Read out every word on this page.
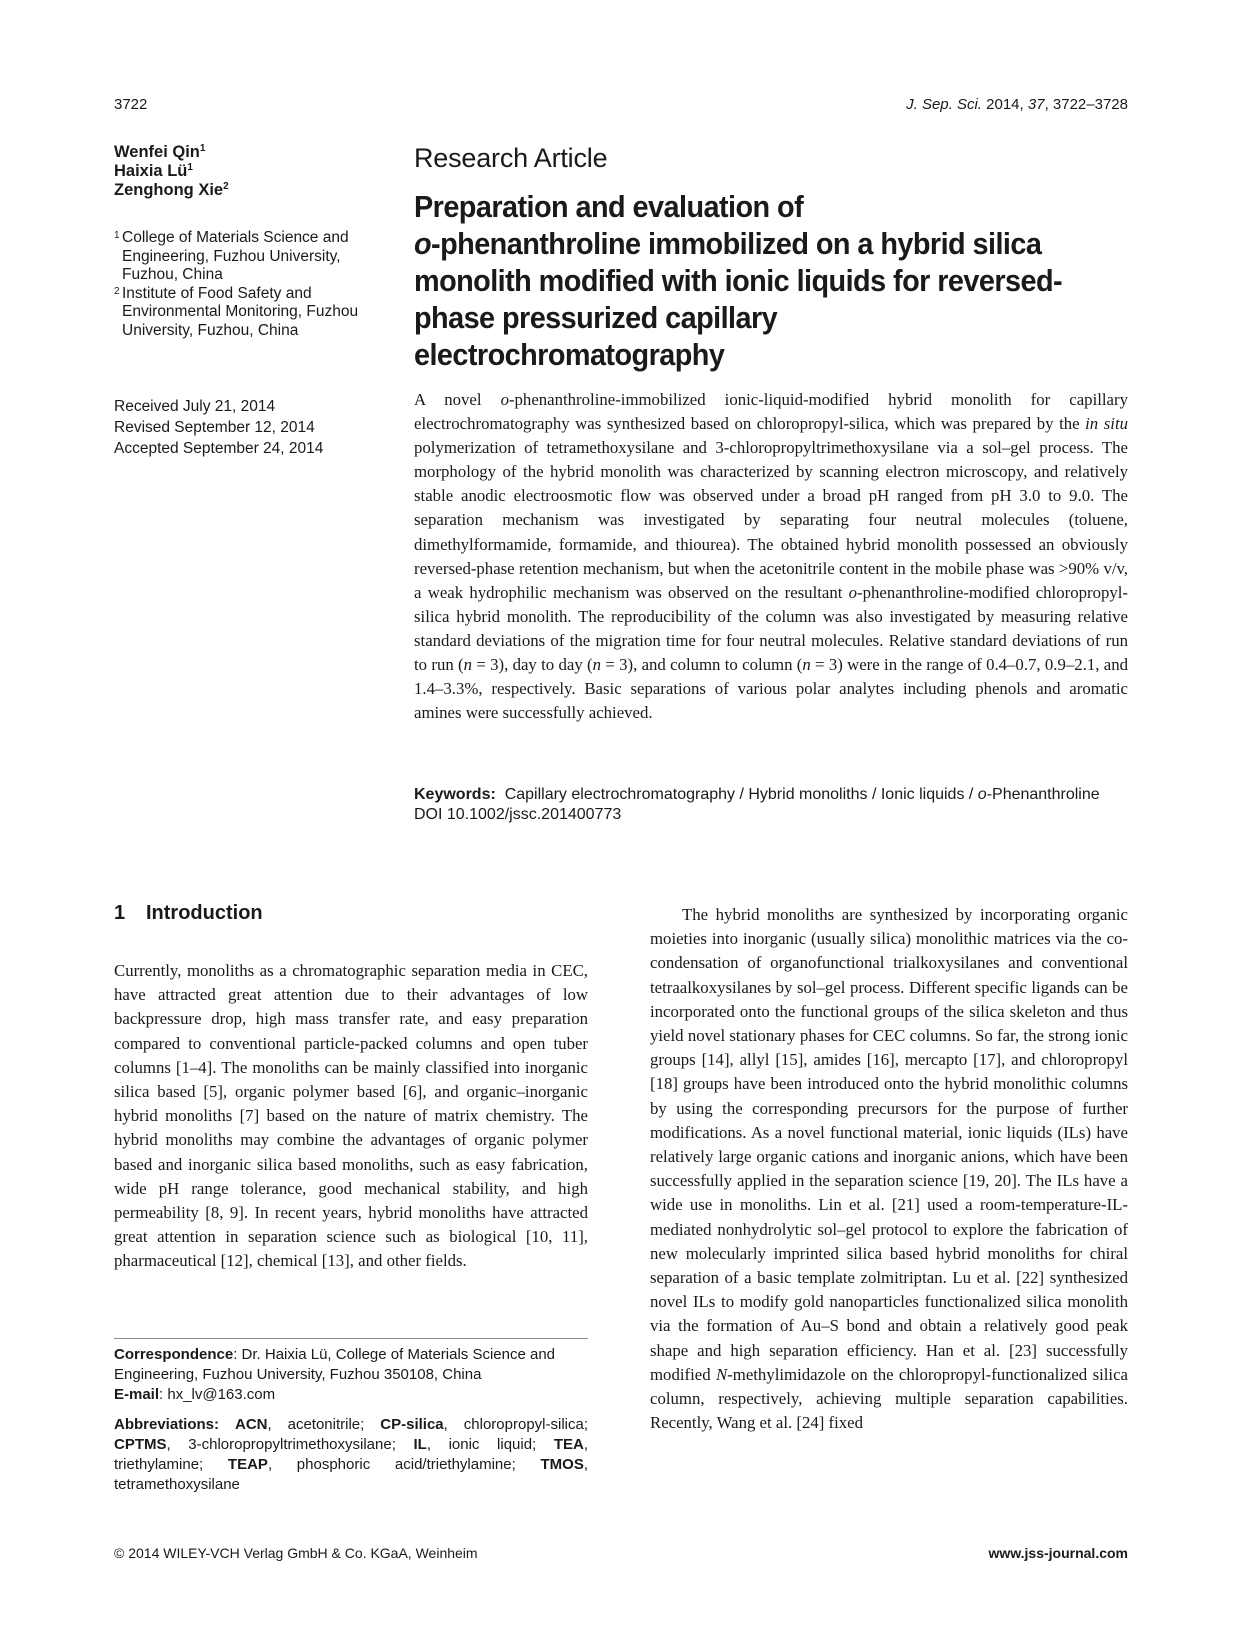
3722	J. Sep. Sci. 2014, 37, 3722–3728
Wenfei Qin$^1$
Haixia $Lü^1$
Zenghong Xie$^2$
1 College of Materials Science and Engineering, Fuzhou University, Fuzhou, China
2 Institute of Food Safety and Environmental Monitoring, Fuzhou University, Fuzhou, China
Received July 21, 2014
Revised September 12, 2014
Accepted September 24, 2014
Research Article
Preparation and evaluation of
o-phenanthroline immobilized on a hybrid silica monolith modified with ionic liquids for reversed-phase pressurized capillary electrochromatography
A novel o-phenanthroline-immobilized ionic-liquid-modified hybrid monolith for capillary electrochromatography was synthesized based on chloropropyl-silica, which was prepared by the in situ polymerization of tetramethoxysilane and 3-chloropropyltrimethoxysilane via a sol–gel process. The morphology of the hybrid monolith was characterized by scanning electron microscopy, and relatively stable anodic electroosmotic flow was observed under a broad pH ranged from pH 3.0 to 9.0. The separation mechanism was investigated by separating four neutral molecules (toluene, dimethylformamide, formamide, and thiourea). The obtained hybrid monolith possessed an obviously reversed-phase retention mechanism, but when the acetonitrile content in the mobile phase was >90% v/v, a weak hydrophilic mechanism was observed on the resultant o-phenanthroline-modified chloropropyl-silica hybrid monolith. The reproducibility of the column was also investigated by measuring relative standard deviations of the migration time for four neutral molecules. Relative standard deviations of run to run (n = 3), day to day (n = 3), and column to column (n = 3) were in the range of 0.4–0.7, 0.9–2.1, and 1.4–3.3%, respectively. Basic separations of various polar analytes including phenols and aromatic amines were successfully achieved.
Keywords: Capillary electrochromatography / Hybrid monoliths / Ionic liquids / o-Phenanthroline
DOI 10.1002/jssc.201400773
1 Introduction

Currently, monoliths as a chromatographic separation media in CEC, have attracted great attention due to their advantages of low backpressure drop, high mass transfer rate, and easy preparation compared to conventional particle-packed columns and open tuber columns [1–4]. The monoliths can be mainly classified into inorganic silica based [5], organic polymer based [6], and organic–inorganic hybrid monoliths [7] based on the nature of matrix chemistry. The hybrid monoliths may combine the advantages of organic polymer based and inorganic silica based monoliths, such as easy fabrication, wide pH range tolerance, good mechanical stability, and high permeability [8, 9]. In recent years, hybrid monoliths have attracted great attention in separation science such as biological [10, 11], pharmaceutical [12], chemical [13], and other fields.

The hybrid monoliths are synthesized by incorporating organic moieties into inorganic (usually silica) monolithic matrices via the co-condensation of organofunctional trialkoxysilanes and conventional tetraalkoxysilanes by sol–gel process. Different specific ligands can be incorporated onto the functional groups of the silica skeleton and thus yield novel stationary phases for CEC columns. So far, the strong ionic groups [14], allyl [15], amides [16], mercapto [17], and chloropropyl [18] groups have been introduced onto the hybrid monolithic columns by using the corresponding precursors for the purpose of further modifications. As a novel functional material, ionic liquids (ILs) have relatively large organic cations and inorganic anions, which have been successfully applied in the separation science [19, 20]. The ILs have a wide use in monoliths. Lin et al. [21] used a room-temperature-IL-mediated nonhydrolytic sol–gel protocol to explore the fabrication of new molecularly imprinted silica based hybrid monoliths for chiral separation of a basic template zolmitriptan. Lu et al. [22] synthesized novel ILs to modify gold nanoparticles functionalized silica monolith via the formation of Au–S bond and obtain a relatively good peak shape and high separation efficiency. Han et al. [23] successfully modified N-methylimidazole on the chloropropyl-functionalized silica column, respectively, achieving multiple separation capabilities. Recently, Wang et al. [24] fixed

Correspondence: Dr. Haixia Lü, College of Materials Science and Engineering, Fuzhou University, Fuzhou 350108, China
E-mail: hx_lv@163.com
Abbreviations: ACN, acetonitrile; CP-silica, chloropropyl-silica; CPTMS, 3-chloropropyltrimethoxysilane; IL, ionic liquid; TEA, triethylamine; TEAP, phosphoric acid/triethylamine; TMOS, tetramethoxysilane
© 2014 WILEY-VCH Verlag GmbH & Co. KGaA, Weinheim	www.jss-journal.com
